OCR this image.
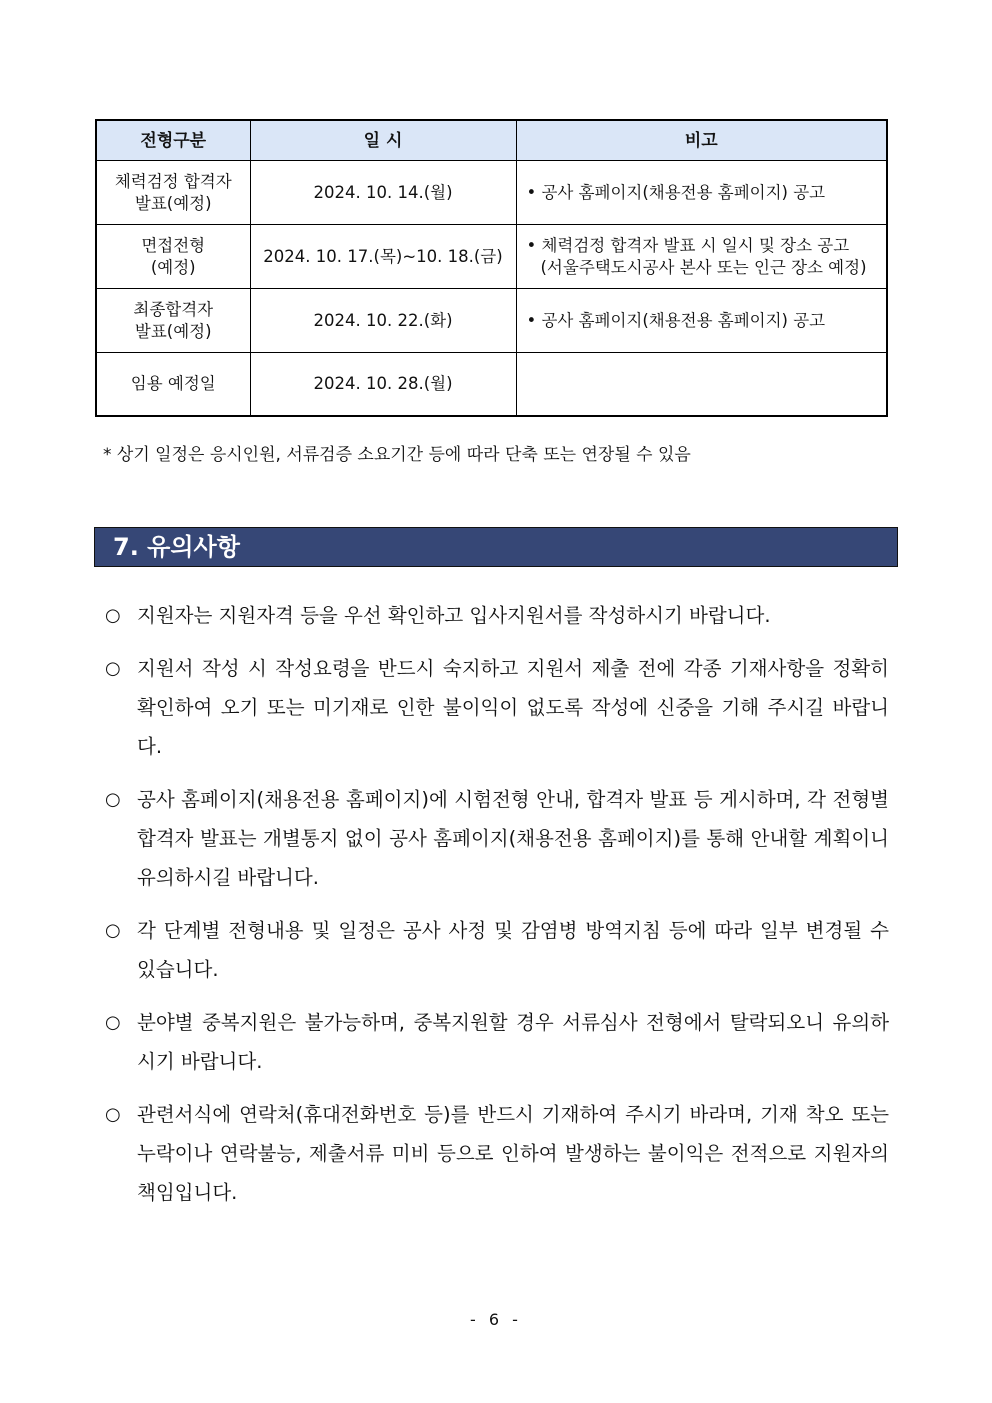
전형구분	일 시	비고

체력검정 합격자
발표(예정)	2024. 10. 14.(월)	• 공사 홈페이지(채용전용 홈페이지) 공고

면접전형
(예정)	2024. 10. 17.(목)~10. 18.(금)	• 체력검정 합격자 발표 시 일시 및 장소 공고
(서울주택도시공사 본사 또는 인근 장소 예정)

최종합격자
발표(예정)	2024. 10. 22.(화)	• 공사 홈페이지(채용전용 홈페이지) 공고

임용 예정일	2024. 10. 28.(월)	
* 상기 일정은 응시인원, 서류검증 소요기간 등에 따라 단축 또는 연장될 수 있음
7. 유의사항
○ 지원자는 지원자격 등을 우선 확인하고 입사지원서를 작성하시기 바랍니다.
○ 지원서 작성 시 작성요령을 반드시 숙지하고 지원서 제출 전에 각종 기재사항을 정확히 확인하여 오기 또는 미기재로 인한 불이익이 없도록 작성에 신중을 기해 주시길 바랍니다.
○ 공사 홈페이지(채용전용 홈페이지)에 시험전형 안내, 합격자 발표 등 게시하며, 각 전형별 합격자 발표는 개별통지 없이 공사 홈페이지(채용전용 홈페이지)를 통해 안내할 계획이니 유의하시길 바랍니다.
○ 각 단계별 전형내용 및 일정은 공사 사정 및 감염병 방역지침 등에 따라 일부 변경될 수 있습니다.
○ 분야별 중복지원은 불가능하며, 중복지원할 경우 서류심사 전형에서 탈락되오니 유의하시기 바랍니다.
○ 관련서식에 연락처(휴대전화번호 등)를 반드시 기재하여 주시기 바라며, 기재 착오 또는 누락이나 연락불능, 제출서류 미비 등으로 인하여 발생하는 불이익은 전적으로 지원자의 책임입니다.
- 6 -
